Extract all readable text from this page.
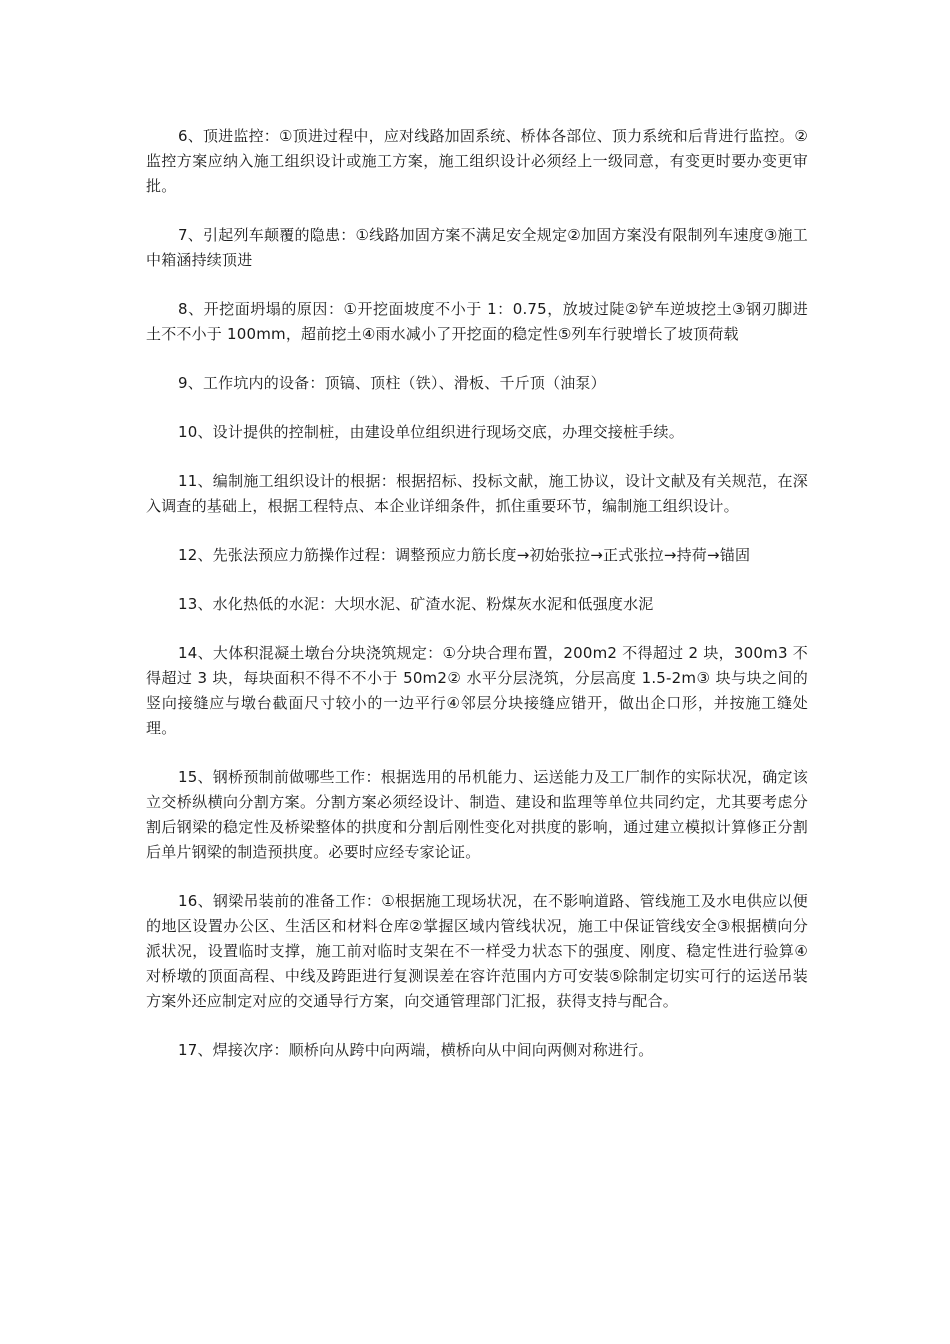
6、顶进监控：①顶进过程中，应对线路加固系统、桥体各部位、顶力系统和后背进行监控。②监控方案应纳入施工组织设计或施工方案，施工组织设计必须经上一级同意，有变更时要办变更审批。

7、引起列车颠覆的隐患：①线路加固方案不满足安全规定②加固方案没有限制列车速度③施工中箱涵持续顶进

8、开挖面坍塌的原因：①开挖面坡度不小于 1：0.75，放坡过陡②铲车逆坡挖土③钢刃脚进土不不小于 100mm，超前挖土④雨水减小了开挖面的稳定性⑤列车行驶增长了坡顶荷载

9、工作坑内的设备：顶镐、顶柱（铁）、滑板、千斤顶（油泵）

10、设计提供的控制桩，由建设单位组织进行现场交底，办理交接桩手续。

11、编制施工组织设计的根据：根据招标、投标文献，施工协议，设计文献及有关规范，在深入调查的基础上，根据工程特点、本企业详细条件，抓住重要环节，编制施工组织设计。

12、先张法预应力筋操作过程：调整预应力筋长度→初始张拉→正式张拉→持荷→锚固

13、水化热低的水泥：大坝水泥、矿渣水泥、粉煤灰水泥和低强度水泥

14、大体积混凝土墩台分块浇筑规定：①分块合理布置，200m2 不得超过 2 块，300m3 不得超过 3 块，每块面积不得不不小于 50m2② 水平分层浇筑，分层高度 1.5-2m③ 块与块之间的竖向接缝应与墩台截面尺寸较小的一边平行④邻层分块接缝应错开，做出企口形，并按施工缝处理。

15、钢桥预制前做哪些工作：根据选用的吊机能力、运送能力及工厂制作的实际状况，确定该立交桥纵横向分割方案。分割方案必须经设计、制造、建设和监理等单位共同约定，尤其要考虑分割后钢梁的稳定性及桥梁整体的拱度和分割后刚性变化对拱度的影响，通过建立模拟计算修正分割后单片钢梁的制造预拱度。必要时应经专家论证。

16、钢梁吊装前的准备工作：①根据施工现场状况，在不影响道路、管线施工及水电供应以便的地区设置办公区、生活区和材料仓库②掌握区域内管线状况，施工中保证管线安全③根据横向分派状况，设置临时支撑，施工前对临时支架在不一样受力状态下的强度、刚度、稳定性进行验算④对桥墩的顶面高程、中线及跨距进行复测误差在容许范围内方可安装⑤除制定切实可行的运送吊装方案外还应制定对应的交通导行方案，向交通管理部门汇报，获得支持与配合。

17、焊接次序：顺桥向从跨中向两端，横桥向从中间向两侧对称进行。
